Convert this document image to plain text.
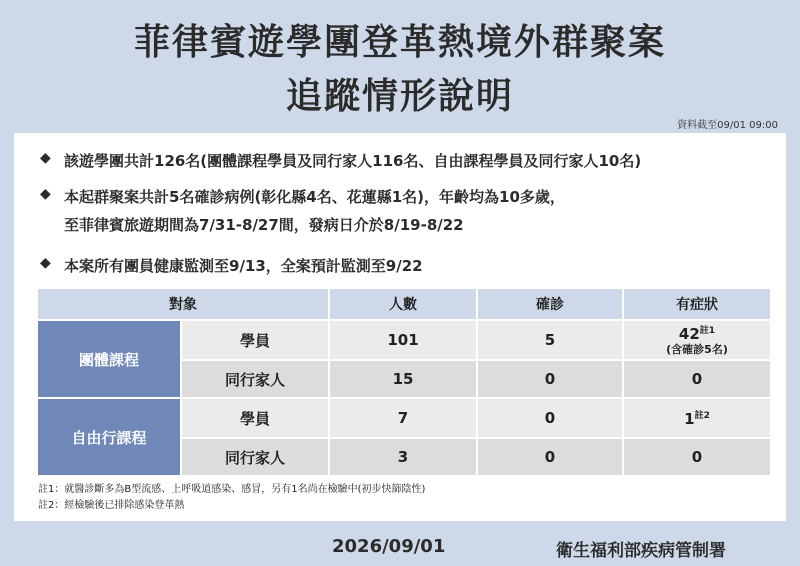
菲律賓遊學團登革熱境外群聚案
追蹤情形說明
資料截至09/01 09:00
◆ 該遊學團共計126名(團體課程學員及同行家人116名、自由課程學員及同行家人10名)
◆ 本起群聚案共計5名確診病例(彰化縣4名、花蓮縣1名)，年齡均為10多歲，
至菲律賓旅遊期間為7/31-8/27間，發病日介於8/19-8/22
◆ 本案所有團員健康監測至9/13，全案預計監測至9/22
對象		人數	確診	有症狀
團體課程	學員	101	5	42$^{註1}$
(含確診5名)

	同行家人	15	0	0
自由行課程	學員	7	0	1$^{註2}$
	同行家人	3	0	0
註1：就醫診斷多為B型流感、上呼吸道感染、感冒，另有1名尚在檢驗中(初步快篩陰性)
註2：經檢驗後已排除感染登革熱
2026/09/01	衛生福利部疾病管制署
